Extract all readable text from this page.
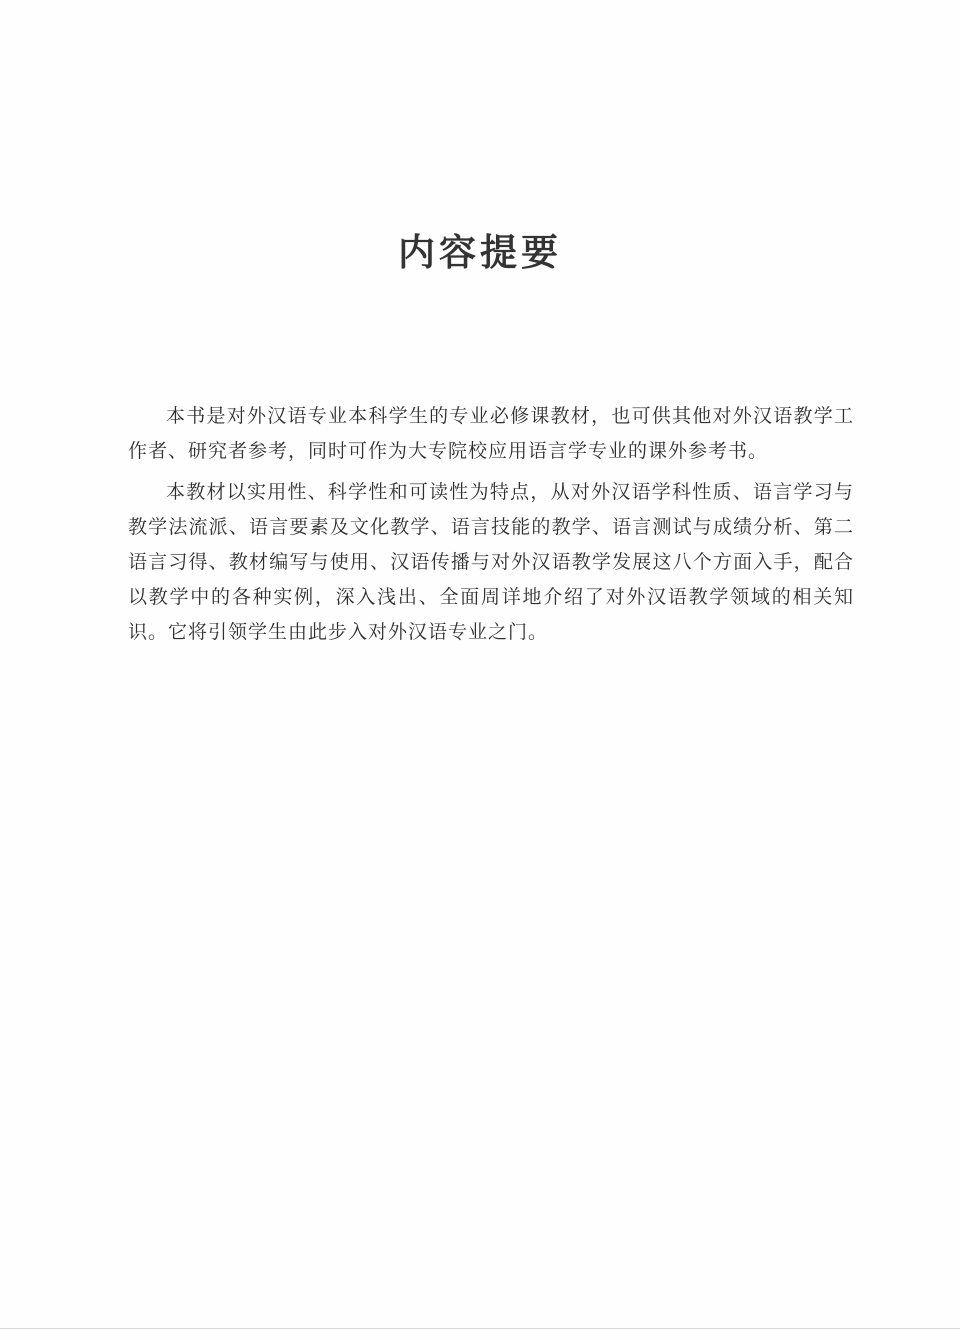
内容提要

本书是对外汉语专业本科学生的专业必修课教材，也可供其他对外汉语教学工作者、研究者参考，同时可作为大专院校应用语言学专业的课外参考书。

本教材以实用性、科学性和可读性为特点，从对外汉语学科性质、语言学习与教学法流派、语言要素及文化教学、语言技能的教学、语言测试与成绩分析、第二语言习得、教材编写与使用、汉语传播与对外汉语教学发展这八个方面入手，配合以教学中的各种实例，深入浅出、全面周详地介绍了对外汉语教学领域的相关知识。它将引领学生由此步入对外汉语专业之门。
